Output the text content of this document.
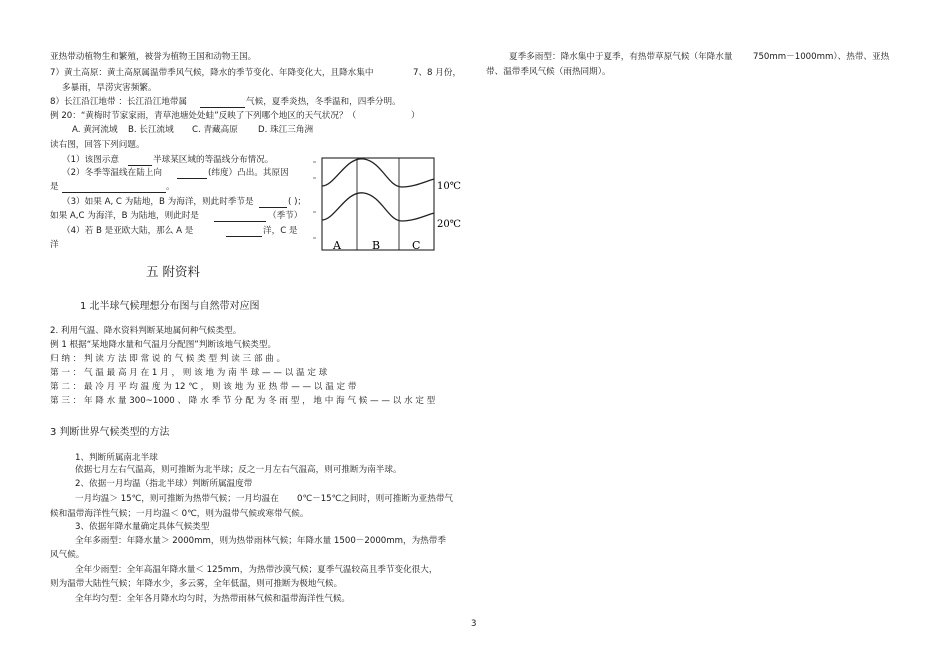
亚热带动植物生和繁殖，被誉为植物王国和动物王国。
7）黄土高原：黄土高原属温带季风气候，降水的季节变化、年降变化大，且降水集中	7、8 月份，
多暴雨，旱涝灾害频繁。
8）长江沿江地带 ：长江沿江地带属	气候，夏季炎热，冬季温和，四季分明。
例 20：“黄梅时节家家雨，青草池塘处处蛙”反映了下列哪个地区的天气状况？（	）
A. 黄河流域 B. 长江流域 C. 青藏高原 D. 珠江三角洲
读右图，回答下列问题。
（1）该图示意	半球某区域的等温线分布情况。
（2）冬季等温线在陆上向	(纬度）凸出。其原因
是	。
（3）如果 A, C 为陆地，B 为海洋，则此时季节是	( )；
如果 A,C 为海洋，B 为陆地，则此时是	（季节）
（4）若 B 是亚欧大陆，那么 A 是	洋，C 是
洋
10℃
20℃
A	B	C
夏季多雨型：降水集中于夏季，有热带草原气候（年降水量 750mm－1000mm）、热带、亚热
带、温带季风气候（雨热同期）。
五 附资料
1 北半球气候理想分布图与自然带对应图
2. 利用气温、降水资料判断某地属何种气候类型。
例 1 根据“某地降水量和气温月分配图”判断该地气候类型。
归 纳 ： 判 读 方 法 即 常 说 的 气 候 类 型 判 读 三 部 曲 。
第 一 ： 气 温 最 高 月 在 1 月 ， 则 该 地 为 南 半 球 — — 以 温 定 球
第 二 ： 最 冷 月 平 均 温 度 为 12 ℃ ， 则 该 地 为 亚 热 带 — — 以 温 定 带
第 三 ： 年 降 水 量 300~1000 、 降 水 季 节 分 配 为 冬 雨 型 ， 地 中 海 气 候 — — 以 水 定 型
3 判断世界气候类型的方法
1、判断所属南北半球
依据七月左右气温高，则可推断为北半球；反之一月左右气温高，则可推断为南半球。
2、依据一月均温（指北半球）判断所属温度带
一月均温＞ 15℃，则可推断为热带气候；一月均温在 0℃－15℃之间时，则可推断为亚热带气
候和温带海洋性气候；一月均温＜ 0℃，则为温带气候或寒带气候。
3、依据年降水量确定具体气候类型
全年多雨型：年降水量＞ 2000mm，则为热带雨林气候；年降水量 1500－2000mm，为热带季
风气候。
全年少雨型：全年高温年降水量＜ 125mm，为热带沙漠气候；夏季气温较高且季节变化很大，
则为温带大陆性气候；年降水少，多云雾，全年低温，则可推断为极地气候。
全年均匀型：全年各月降水均匀时，为热带雨林气候和温带海洋性气候。
3
